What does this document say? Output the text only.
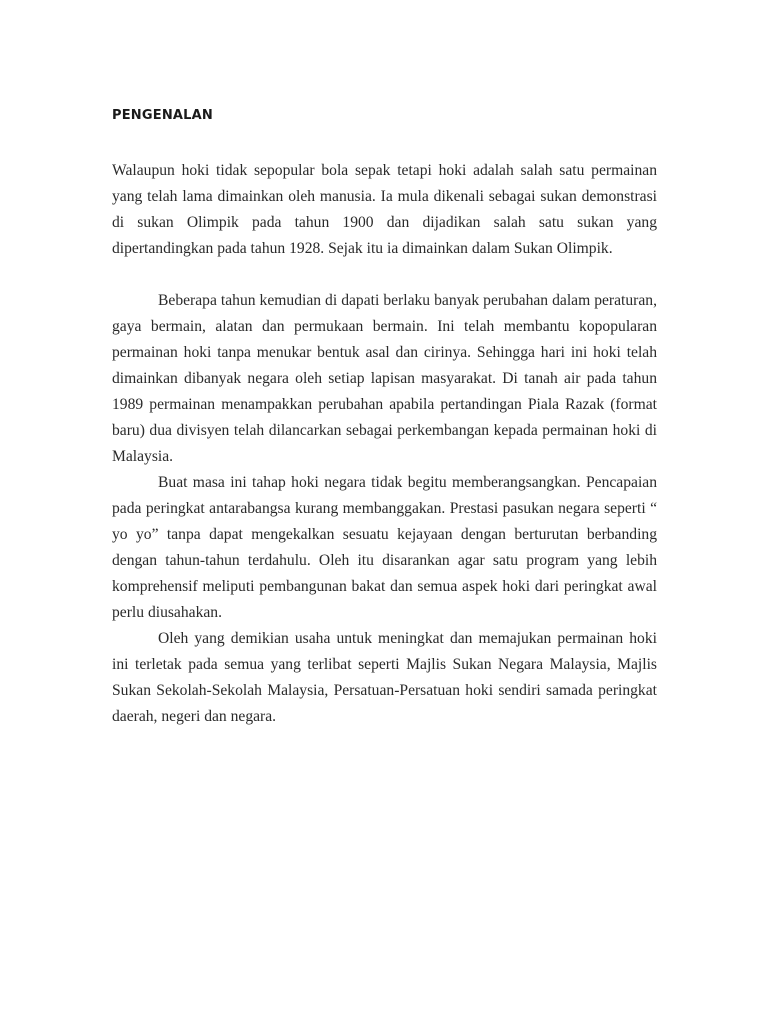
PENGENALAN

Walaupun hoki tidak sepopular bola sepak tetapi hoki adalah salah satu permainan yang telah lama dimainkan oleh manusia. Ia mula dikenali sebagai sukan demonstrasi di sukan Olimpik pada tahun 1900 dan dijadikan salah satu sukan yang dipertandingkan pada tahun 1928. Sejak itu ia dimainkan dalam Sukan Olimpik.

Beberapa tahun kemudian di dapati berlaku banyak perubahan dalam peraturan, gaya bermain, alatan dan permukaan bermain. Ini telah membantu kopopularan permainan hoki tanpa menukar bentuk asal dan cirinya. Sehingga hari ini hoki telah dimainkan dibanyak negara oleh setiap lapisan masyarakat. Di tanah air pada tahun 1989 permainan menampakkan perubahan apabila pertandingan Piala Razak (format baru) dua divisyen telah dilancarkan sebagai perkembangan kepada permainan hoki di Malaysia.

Buat masa ini tahap hoki negara tidak begitu memberangsangkan. Pencapaian pada peringkat antarabangsa kurang membanggakan. Prestasi pasukan negara seperti “ yo yo” tanpa dapat mengekalkan sesuatu kejayaan dengan berturutan berbanding dengan tahun-tahun terdahulu. Oleh itu disarankan agar satu program yang lebih komprehensif meliputi pembangunan bakat dan semua aspek hoki dari peringkat awal perlu diusahakan.

Oleh yang demikian usaha untuk meningkat dan memajukan permainan hoki ini terletak pada semua yang terlibat seperti Majlis Sukan Negara Malaysia, Majlis Sukan Sekolah-Sekolah Malaysia, Persatuan-Persatuan hoki sendiri samada peringkat daerah, negeri dan negara.
